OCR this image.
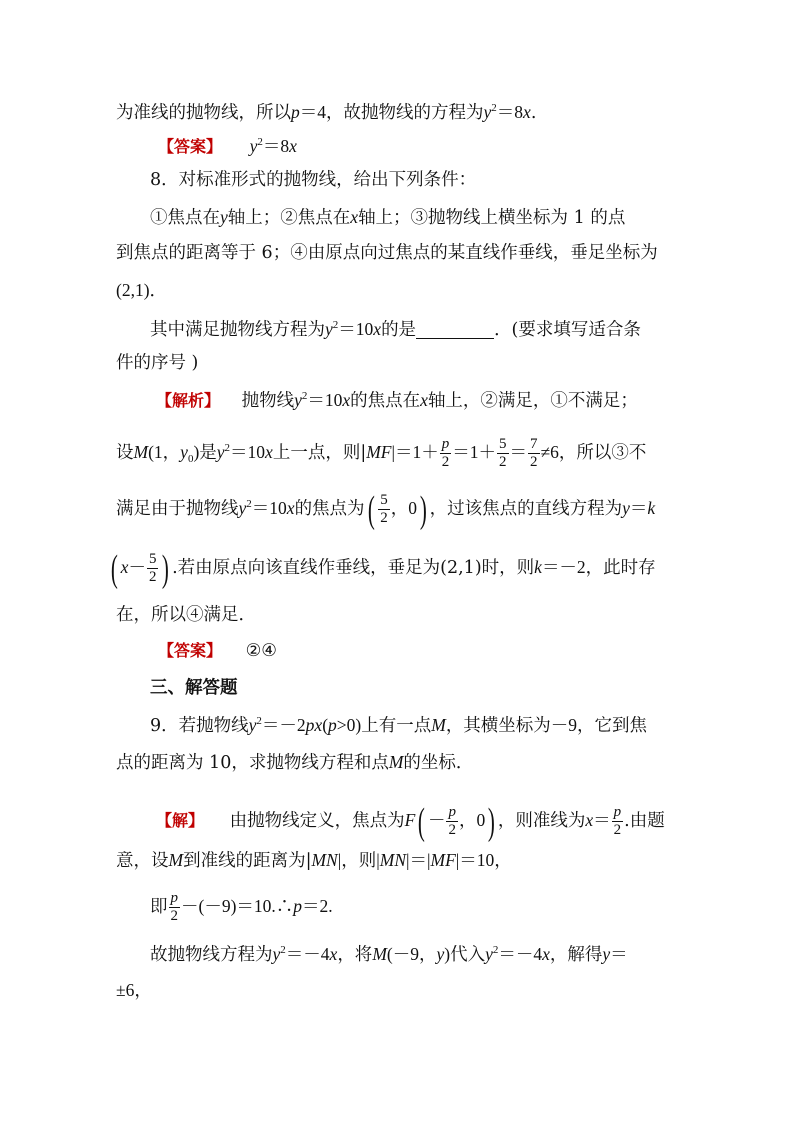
为准线的抛物线，所以p＝4，故抛物线的方程为$y^2=8x$.
【答案】 $y^2=8x$
8．对标准形式的抛物线，给出下列条件：
①焦点在y轴上；②焦点在x轴上；③抛物线上横坐标为 1 的点
到焦点的距离等于 6；④由原点向过焦点的某直线作垂线，垂足坐标为
(2,1)．
其中满足抛物线方程为$y^2=10x$的是	．(要求填写适合条
件的序号 )
【解析】 抛物线$y^2=10x$的焦点在x轴上，②满足，①不满足；
设M(1，$y_0$)是$y^2=10x$上一点，则$|MF|=1+ \frac{p}{2} =1+ \frac{5}{2} = \frac{7}{2} \ne 6$，所以③不
满足由于抛物线$y^2=10x$的焦点为( $\frac{5}{2}$ ，0) ，过该焦点的直线方程为y＝k
( $x- \frac{5}{2}$ ) .若由原点向该直线作垂线，垂足为(2,1)时，则k＝－2，此时存
在，所以④满足．
【答案】 ②④
三、解答题
9．若抛物线$y^2=-2px(p>0)$上有一点M，其横坐标为－9，它到焦
点的距离为 10，求抛物线方程和点M的坐标．
【解】 由抛物线定义，焦点为$F( - \frac{p}{2}$ ，0) ，则准线为$x= \frac{p}{2}$ .由题
意，设M到准线的距离为|MN|，则|MN|＝|MF|＝10，
即 $\frac{p}{2}$ －(－9)＝10.∴p＝2.
故抛物线方程为$y^2=-4x$，将M(－9，y)代入$y^2=-4x$，解得y＝
±6，
